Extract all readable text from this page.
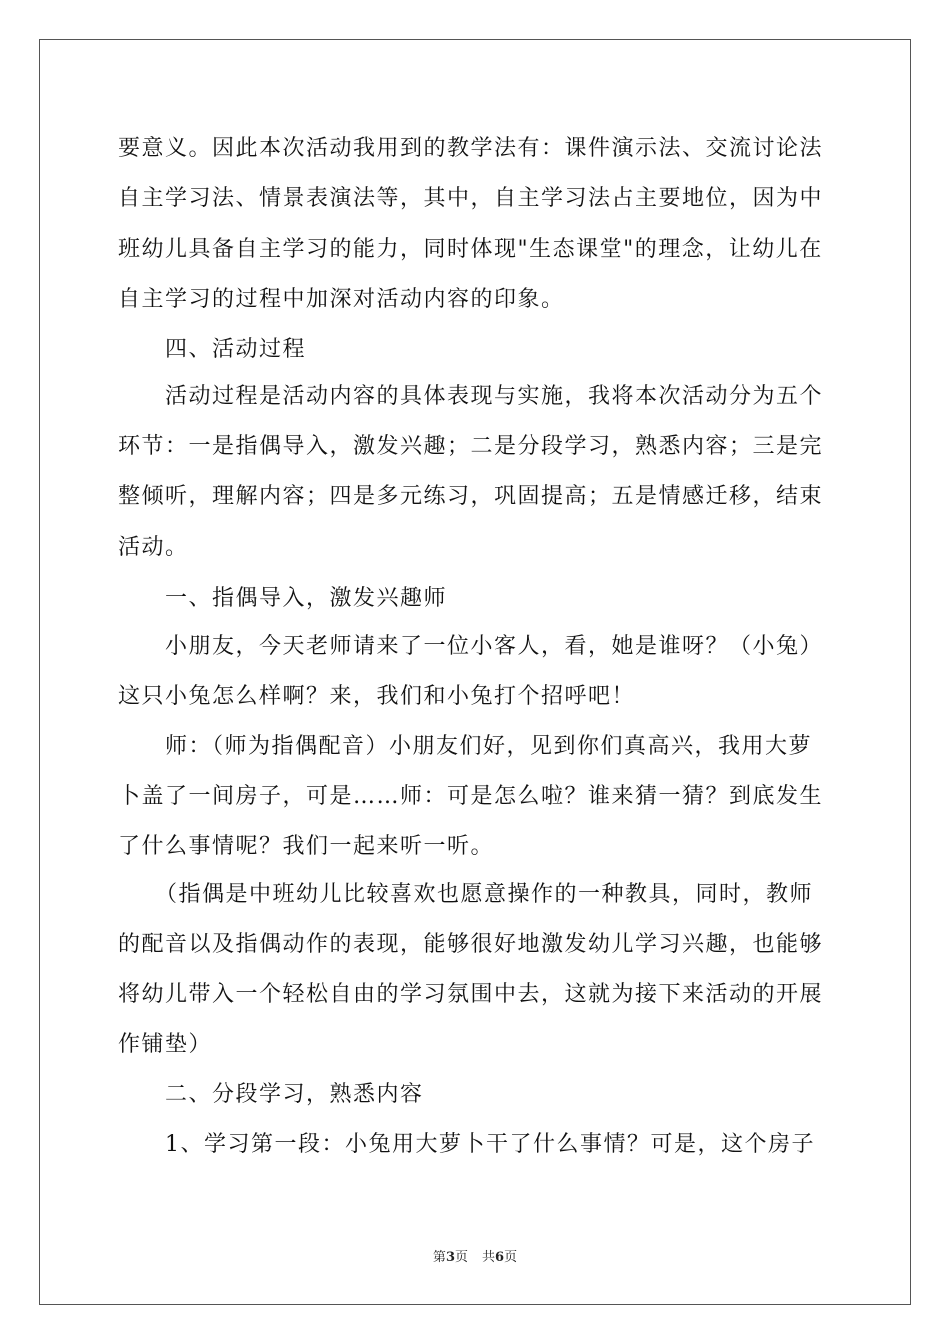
要意义。因此本次活动我用到的教学法有：课件演示法、交流讨论法

自主学习法、情景表演法等，其中，自主学习法占主要地位，因为中

班幼儿具备自主学习的能力，同时体现"生态课堂"的理念，让幼儿在

自主学习的过程中加深对活动内容的印象。

四、活动过程

活动过程是活动内容的具体表现与实施，我将本次活动分为五个

环节：一是指偶导入，激发兴趣；二是分段学习，熟悉内容；三是完

整倾听，理解内容；四是多元练习，巩固提高；五是情感迁移，结束

活动。

一、指偶导入，激发兴趣师

小朋友，今天老师请来了一位小客人，看，她是谁呀？（小兔）

这只小兔怎么样啊？来，我们和小兔打个招呼吧！

师：（师为指偶配音）小朋友们好，见到你们真高兴，我用大萝

卜盖了一间房子，可是……师：可是怎么啦？谁来猜一猜？到底发生

了什么事情呢？我们一起来听一听。

（指偶是中班幼儿比较喜欢也愿意操作的一种教具，同时，教师

的配音以及指偶动作的表现，能够很好地激发幼儿学习兴趣，也能够

将幼儿带入一个轻松自由的学习氛围中去，这就为接下来活动的开展

作铺垫）

二、分段学习，熟悉内容

1、学习第一段：小兔用大萝卜干了什么事情？可是，这个房子

第3页 共6页
